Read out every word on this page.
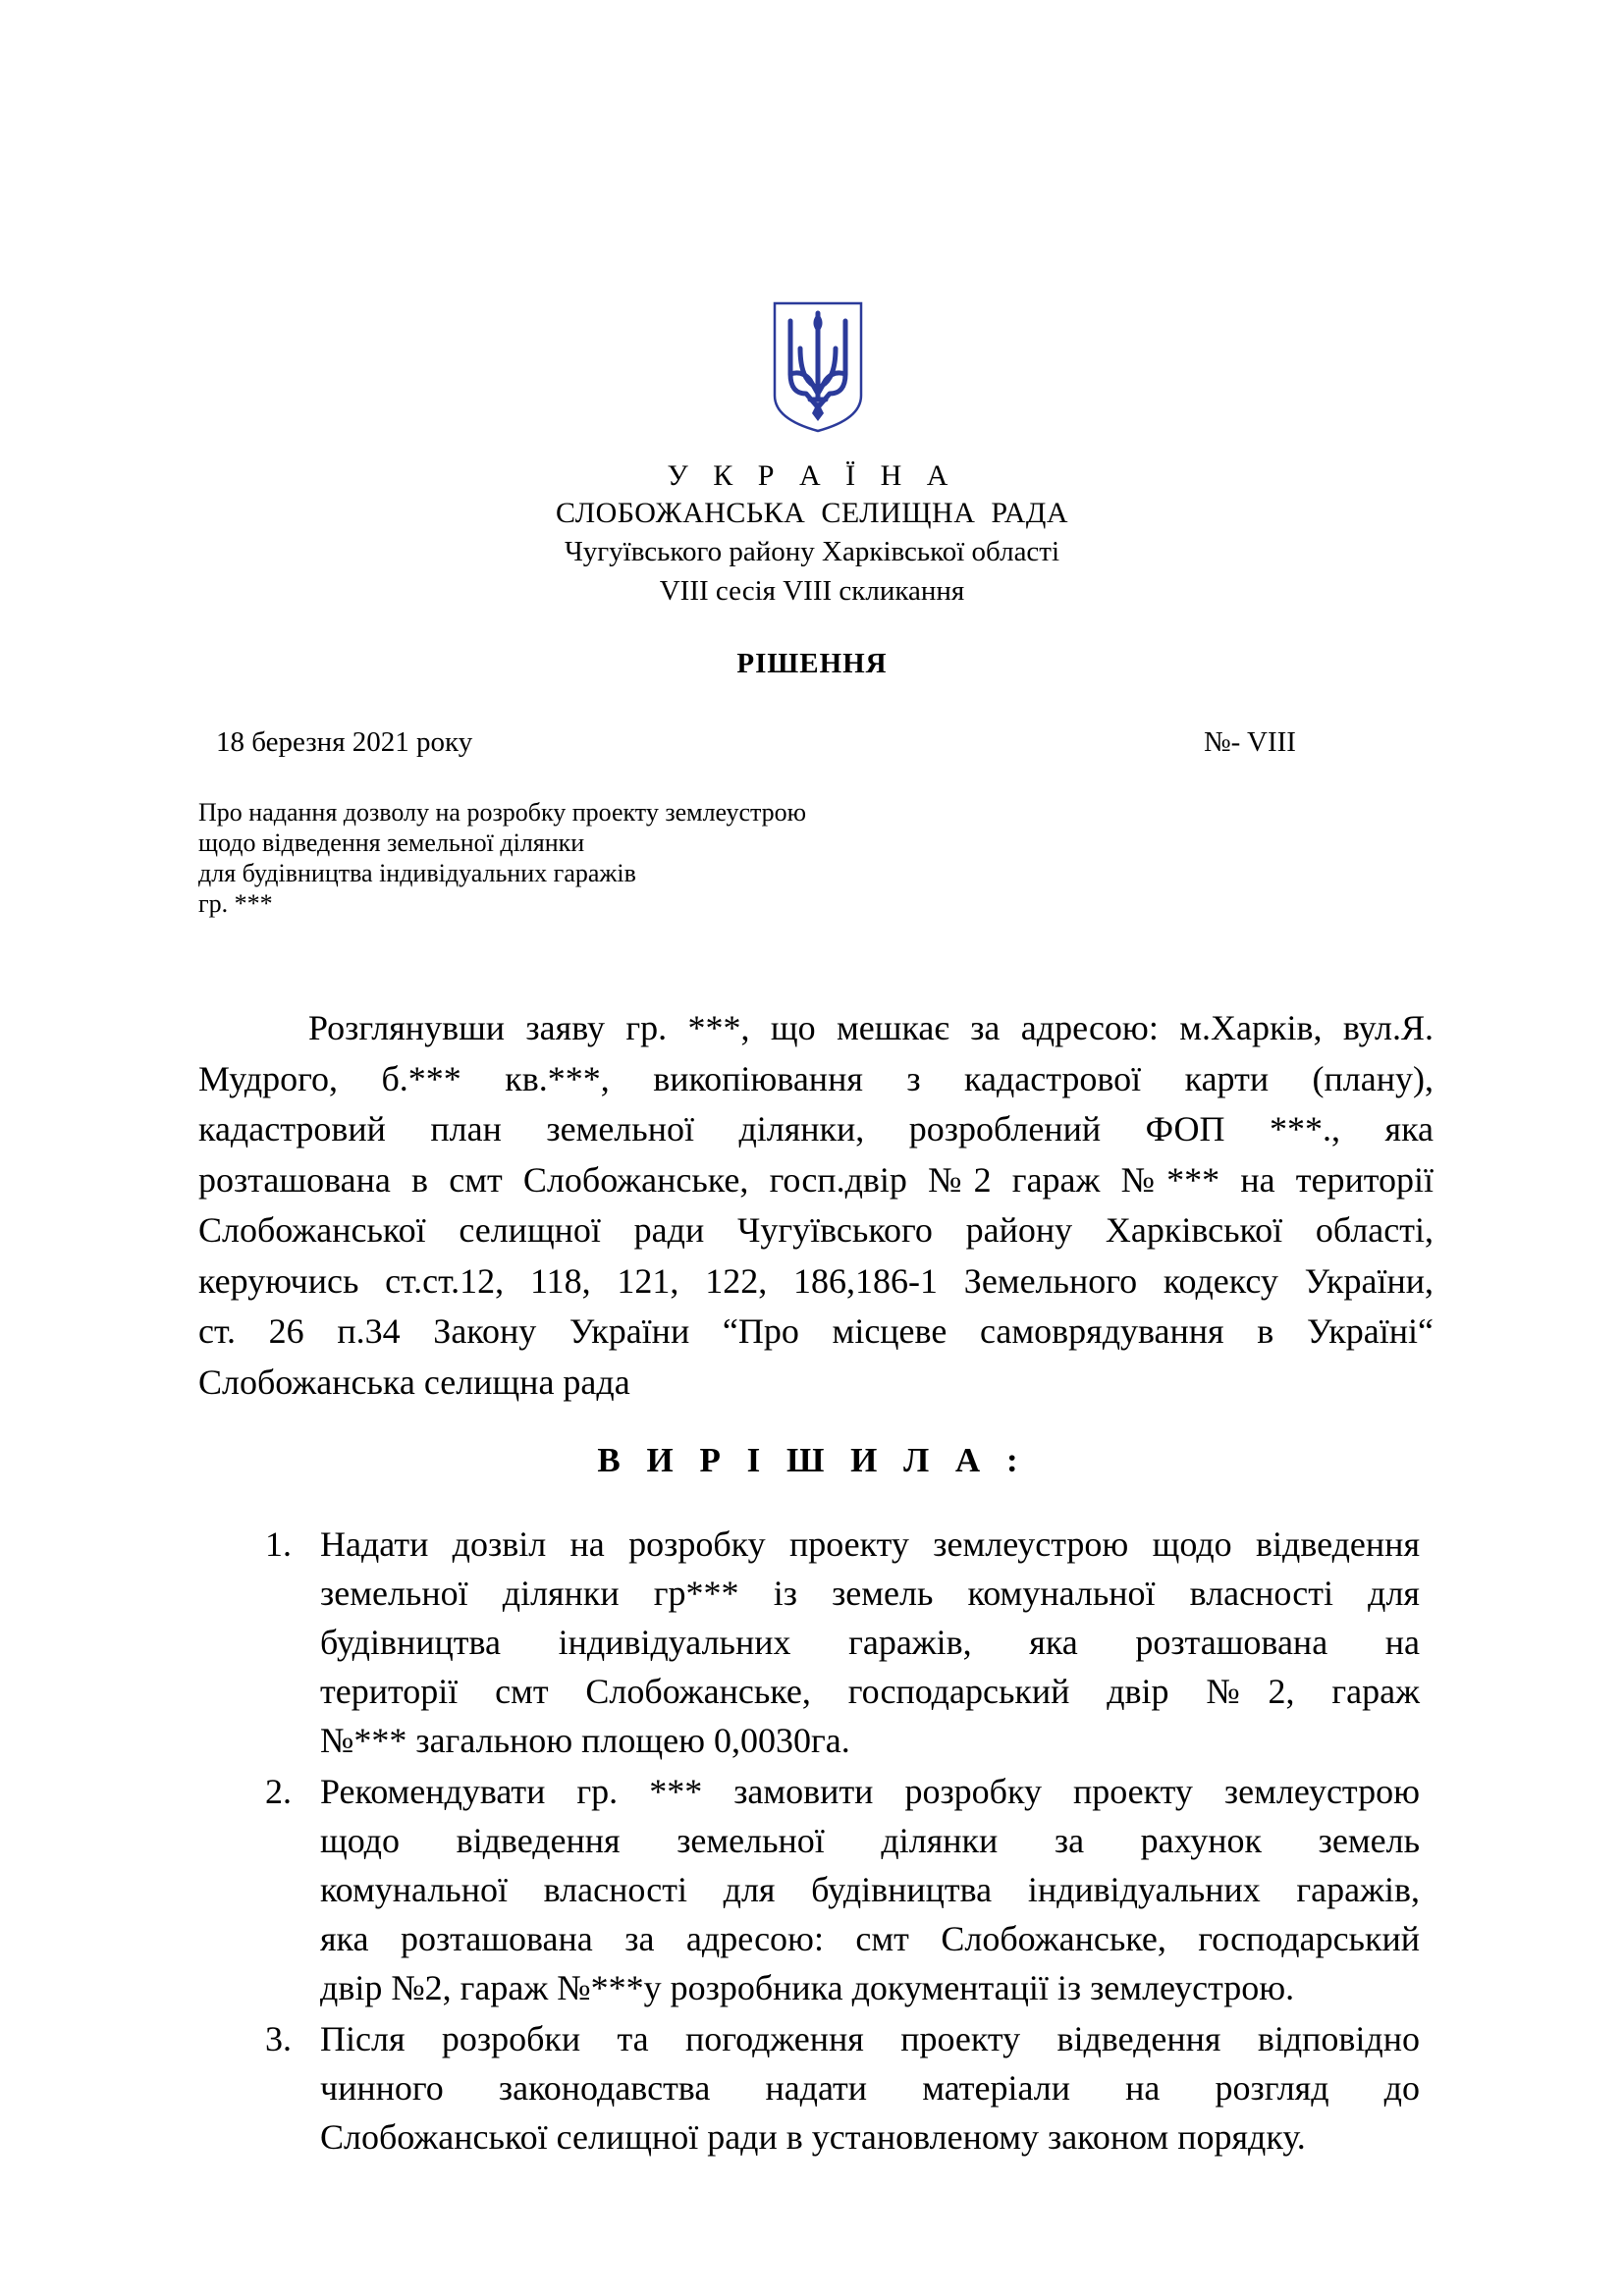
У К Р А Ї Н А
СЛОБОЖАНСЬКА СЕЛИЩНА РАДА
Чугуївського району Харківської області
VIII сесія VIII скликання
РІШЕННЯ
18 березня 2021 року	№- VIII
Про надання дозволу на розробку проекту землеустрою
щодо відведення земельної ділянки
для будівництва індивідуальних гаражів
гр. ***
Розглянувши заяву гр. ***, що мешкає за адресою: м.Харків, вул.Я.
Мудрого, б.*** кв.***, викопіювання з кадастрової карти (плану),
кадастровий план земельної ділянки, розроблений ФОП ***., яка
розташована в смт Слобожанське, госп.двір №2 гараж №*** на території
Слобожанської селищної ради Чугуївського району Харківської області,
керуючись ст.ст.12, 118, 121, 122, 186,186-1 Земельного кодексу України,
ст. 26 п.34 Закону України “Про місцеве самоврядування в Україні“
Слобожанська селищна рада
В И Р І Ш И Л А :
1. Надати дозвіл на розробку проекту землеустрою щодо відведення
земельної ділянки гр*** із земель комунальної власності для
будівництва індивідуальних гаражів, яка розташована на
території смт Слобожанське, господарський двір №2, гараж
№*** загальною площею 0,0030га.
2. Рекомендувати гр. *** замовити розробку проекту землеустрою
щодо відведення земельної ділянки за рахунок земель
комунальної власності для будівництва індивідуальних гаражів,
яка розташована за адресою: смт Слобожанське, господарський
двір №2, гараж №***у розробника документації із землеустрою.
3. Після розробки та погодження проекту відведення відповідно
чинного законодавства надати матеріали на розгляд до
Слобожанської селищної ради в установленому законом порядку.
